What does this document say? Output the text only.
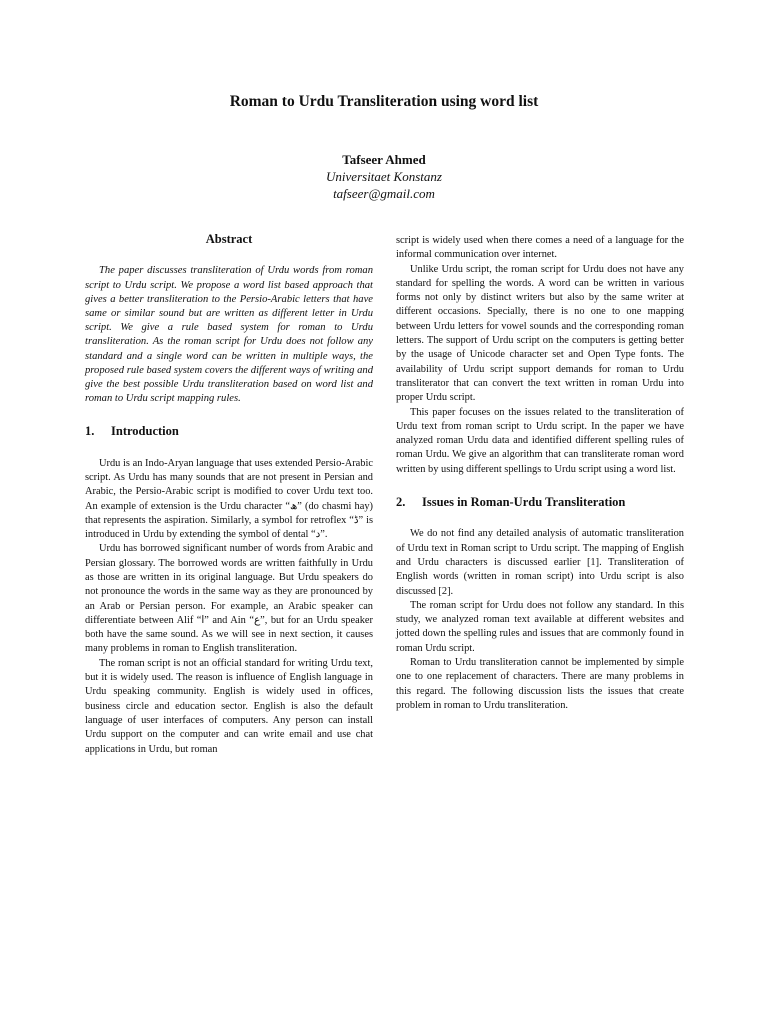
Roman to Urdu Transliteration using word list
Tafseer Ahmed
Universitaet Konstanz
tafseer@gmail.com
Abstract

The paper discusses transliteration of Urdu words from roman script to Urdu script. We propose a word list based approach that gives a better transliteration to the Persio-Arabic letters that have same or similar sound but are written as different letter in Urdu script. We give a rule based system for roman to Urdu transliteration. As the roman script for Urdu does not follow any standard and a single word can be written in multiple ways, the proposed rule based system covers the different ways of writing and give the best possible Urdu transliteration based on word list and roman to Urdu script mapping rules.

1.	Introduction

Urdu is an Indo-Aryan language that uses extended Persio-Arabic script. As Urdu has many sounds that are not present in Persian and Arabic, the Persio-Arabic script is modified to cover Urdu text too. An example of extension is the Urdu character “ھ” (do chasmi hay) that represents the aspiration. Similarly, a symbol for retroflex “ڈ” is introduced in Urdu by extending the symbol of dental “د”.

Urdu has borrowed significant number of words from Arabic and Persian glossary. The borrowed words are written faithfully in Urdu as those are written in its original language. But Urdu speakers do not pronounce the words in the same way as they are pronounced by an Arab or Persian person. For example, an Arabic speaker can differentiate between Alif “ا” and Ain “ع”, but for an Urdu speaker both have the same sound. As we will see in next section, it causes many problems in roman to English transliteration.

The roman script is not an official standard for writing Urdu text, but it is widely used. The reason is influence of English language in Urdu speaking community. English is widely used in offices, business circle and education sector. English is also the default language of user interfaces of computers. Any person can install Urdu support on the computer and can write email and use chat applications in Urdu, but roman

script is widely used when there comes a need of a language for the informal communication over internet.

Unlike Urdu script, the roman script for Urdu does not have any standard for spelling the words. A word can be written in various forms not only by distinct writers but also by the same writer at different occasions. Specially, there is no one to one mapping between Urdu letters for vowel sounds and the corresponding roman letters. The support of Urdu script on the computers is getting better by the usage of Unicode character set and Open Type fonts. The availability of Urdu script support demands for roman to Urdu transliterator that can convert the text written in roman Urdu into proper Urdu script.

This paper focuses on the issues related to the transliteration of Urdu text from roman script to Urdu script. In the paper we have analyzed roman Urdu data and identified different spelling rules of roman Urdu. We give an algorithm that can transliterate roman word written by using different spellings to Urdu script using a word list.

2.	Issues in Roman-Urdu Transliteration

We do not find any detailed analysis of automatic transliteration of Urdu text in Roman script to Urdu script. The mapping of English and Urdu characters is discussed earlier [1]. Transliteration of English words (written in roman script) into Urdu script is also discussed [2].

The roman script for Urdu does not follow any standard. In this study, we analyzed roman text available at different websites and jotted down the spelling rules and issues that are commonly found in roman Urdu script.

Roman to Urdu transliteration cannot be implemented by simple one to one replacement of characters. There are many problems in this regard. The following discussion lists the issues that create problem in roman to Urdu transliteration.
